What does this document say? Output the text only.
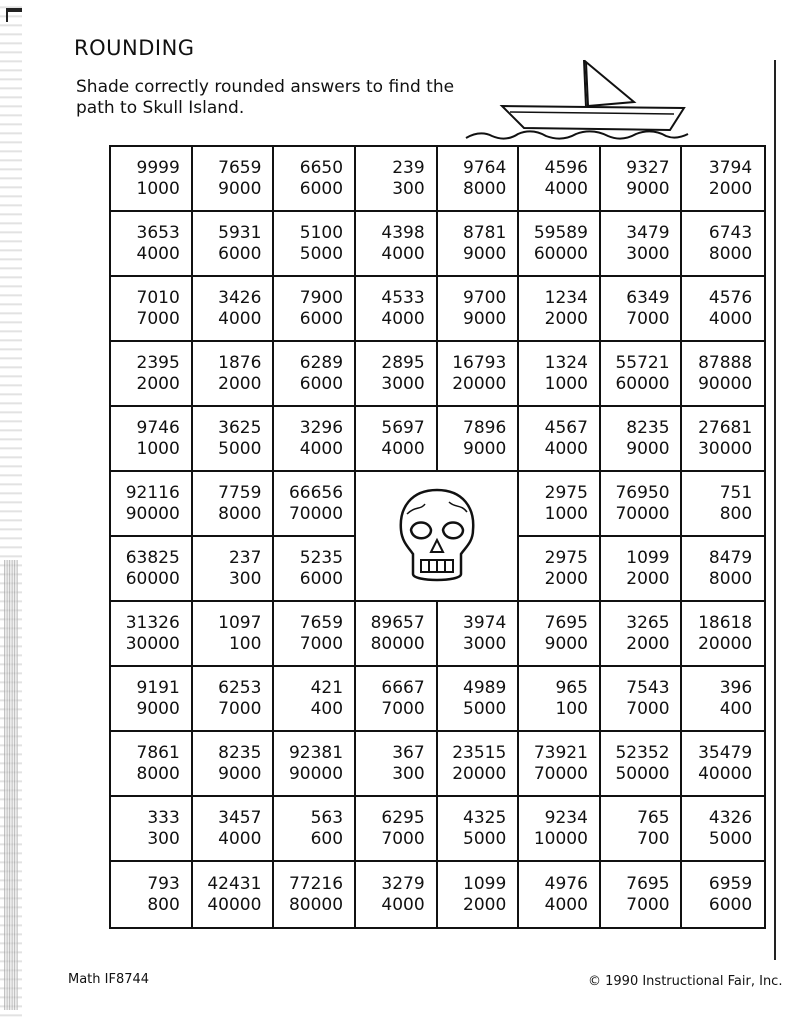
ROUNDING
Shade correctly rounded answers to find the path to Skull Island.
9999
1000
7659
9000
6650
6000
239
300
9764
8000
4596
4000
9327
9000
3794
2000
3653
4000
5931
6000
5100
5000
4398
4000
8781
9000
59589
60000
3479
3000
6743
8000
7010
7000
3426
4000
7900
6000
4533
4000
9700
9000
1234
2000
6349
7000
4576
4000
2395
2000
1876
2000
6289
6000
2895
3000
16793
20000
1324
1000
55721
60000
87888
90000
9746
1000
3625
5000
3296
4000
5697
4000
7896
9000
4567
4000
8235
9000
27681
30000
92116
90000
7759
8000
66656
70000
2975
1000
76950
70000
751
800
63825
60000
237
300
5235
6000
2975
2000
1099
2000
8479
8000
31326
30000
1097
100
7659
7000
89657
80000
3974
3000
7695
9000
3265
2000
18618
20000
9191
9000
6253
7000
421
400
6667
7000
4989
5000
965
100
7543
7000
396
400
7861
8000
8235
9000
92381
90000
367
300
23515
20000
73921
70000
52352
50000
35479
40000
333
300
3457
4000
563
600
6295
7000
4325
5000
9234
10000
765
700
4326
5000
793
800
42431
40000
77216
80000
3279
4000
1099
2000
4976
4000
7695
7000
6959
6000
Math IF8744	© 1990 Instructional Fair, Inc.
